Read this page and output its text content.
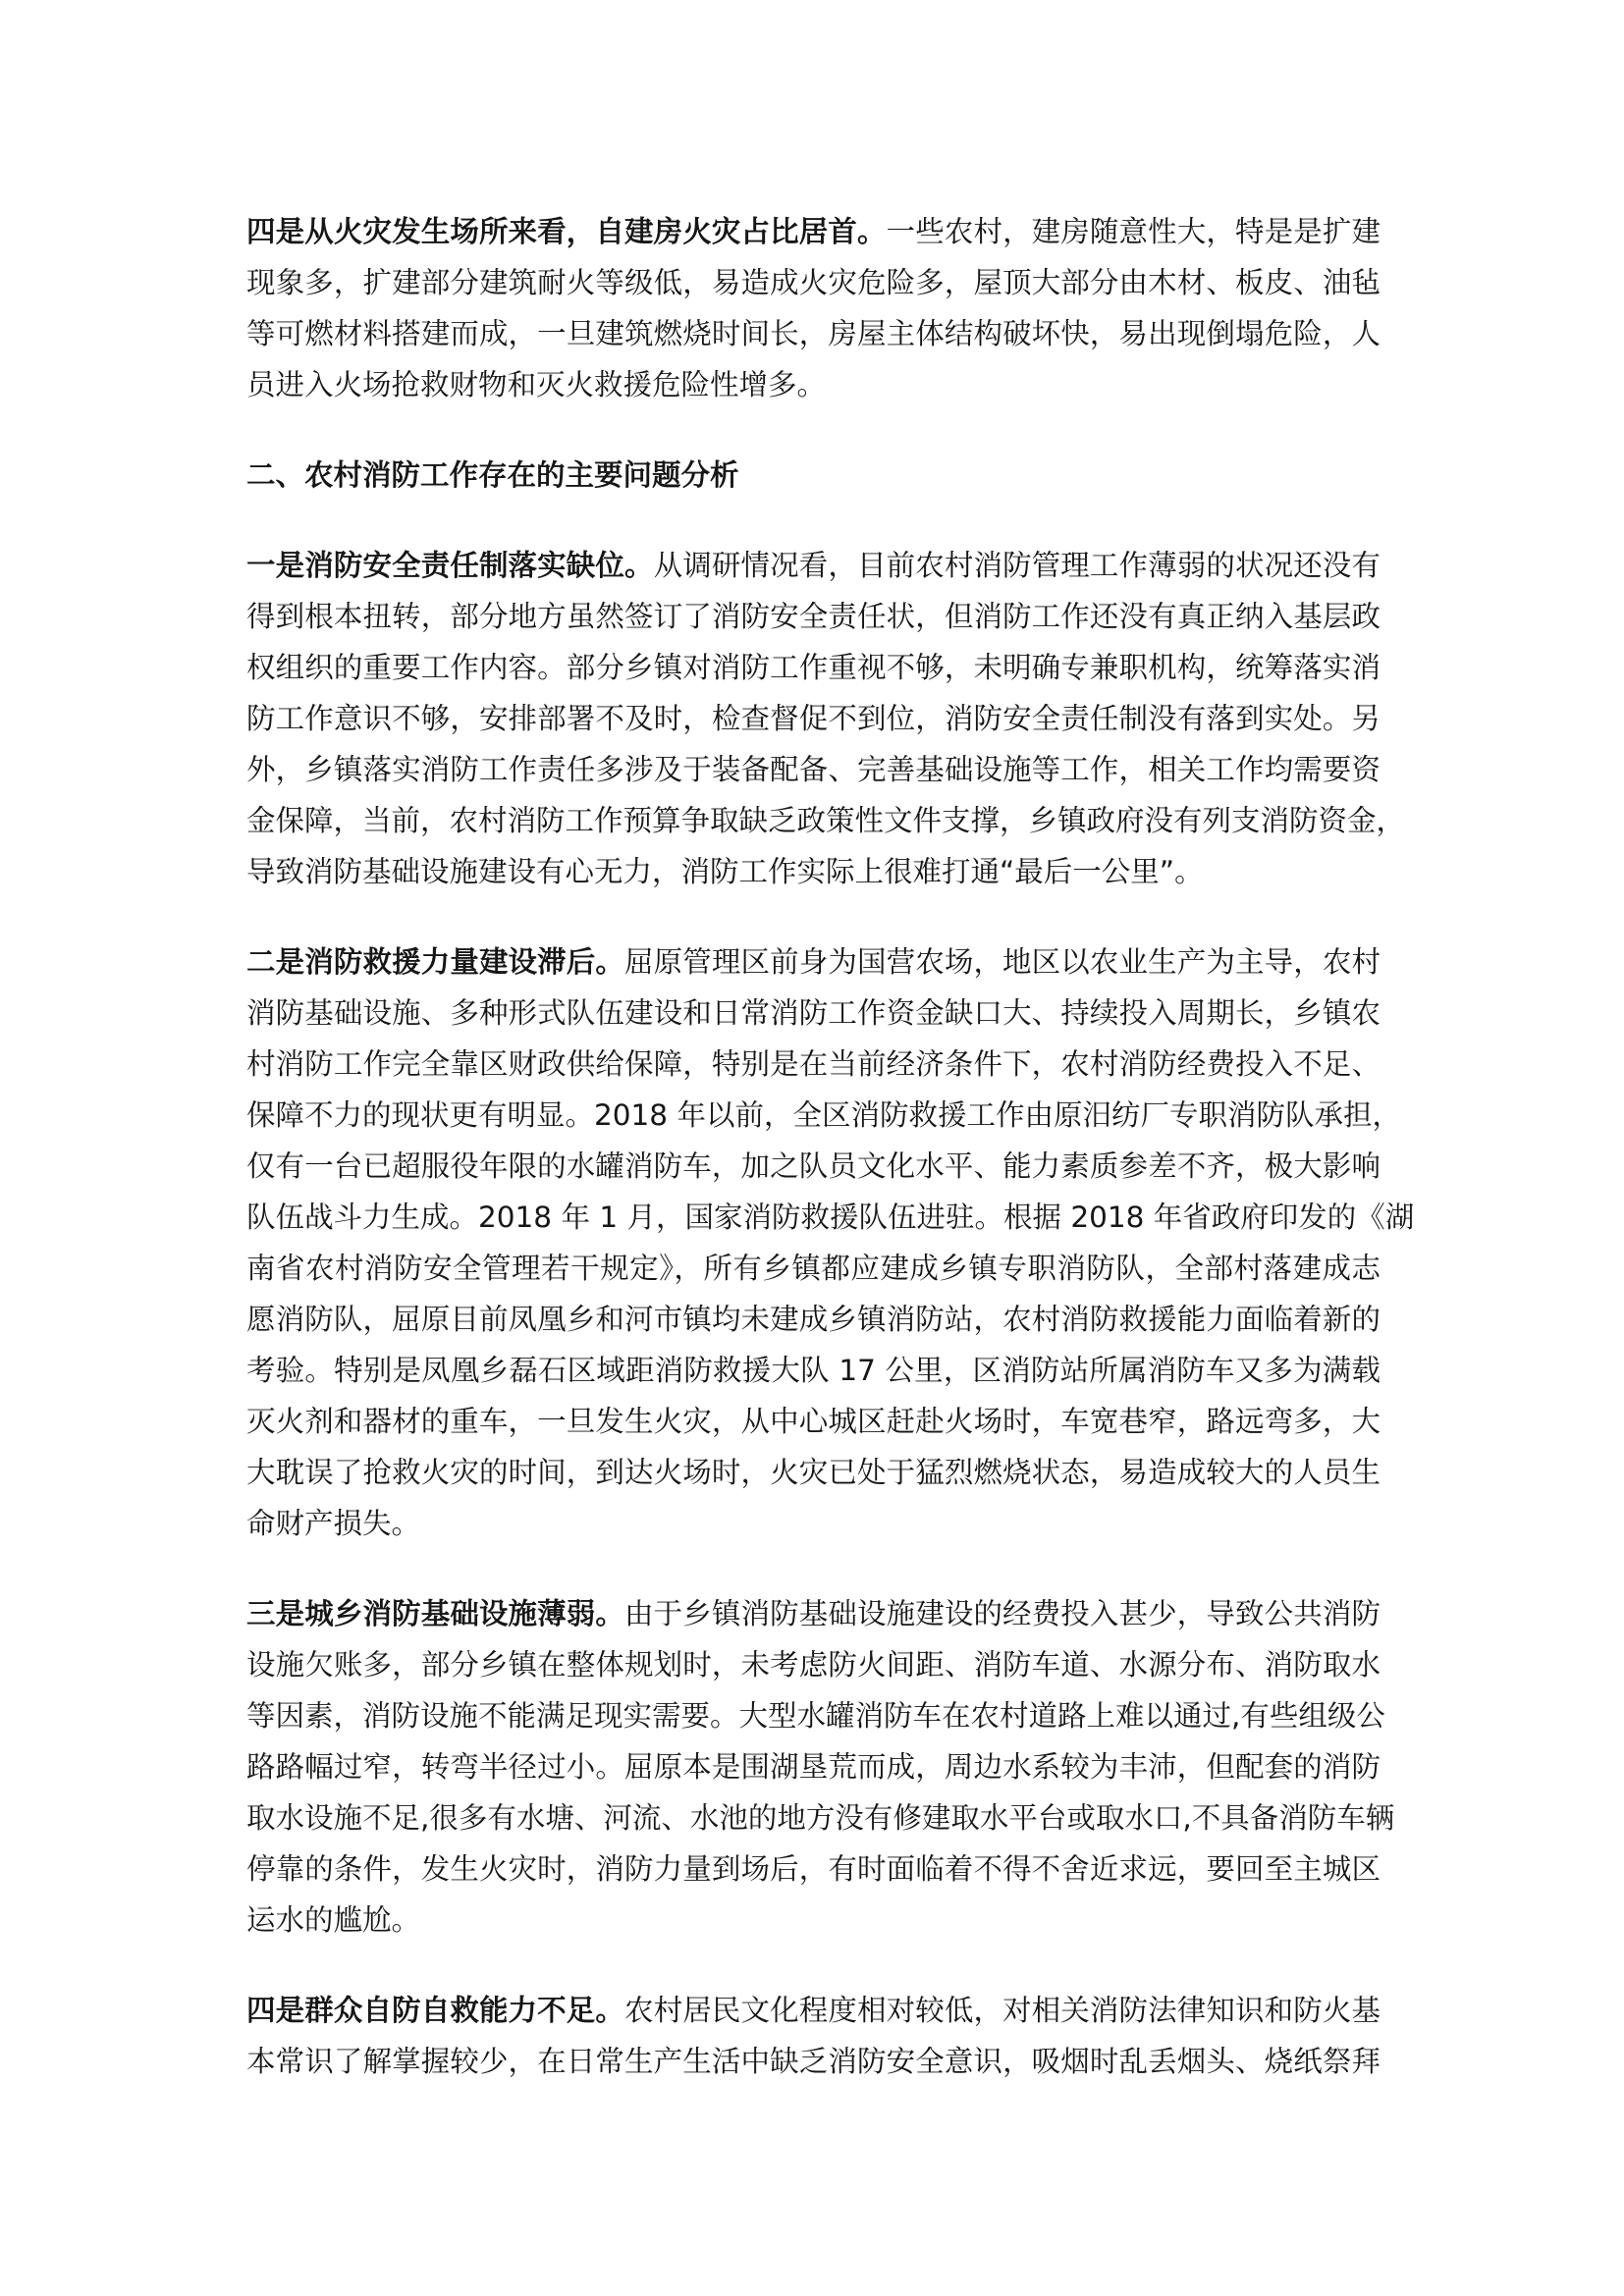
四是从火灾发生场所来看，自建房火灾占比居首。一些农村，建房随意性大，特是是扩建
现象多，扩建部分建筑耐火等级低，易造成火灾危险多，屋顶大部分由木材、板皮、油毡
等可燃材料搭建而成，一旦建筑燃烧时间长，房屋主体结构破坏快，易出现倒塌危险，人
员进入火场抢救财物和灭火救援危险性增多。
二、农村消防工作存在的主要问题分析
一是消防安全责任制落实缺位。从调研情况看，目前农村消防管理工作薄弱的状况还没有
得到根本扭转，部分地方虽然签订了消防安全责任状，但消防工作还没有真正纳入基层政
权组织的重要工作内容。部分乡镇对消防工作重视不够，未明确专兼职机构，统筹落实消
防工作意识不够，安排部署不及时，检查督促不到位，消防安全责任制没有落到实处。另
外，乡镇落实消防工作责任多涉及于装备配备、完善基础设施等工作，相关工作均需要资
金保障，当前，农村消防工作预算争取缺乏政策性文件支撑，乡镇政府没有列支消防资金，
导致消防基础设施建设有心无力，消防工作实际上很难打通“最后一公里”。
二是消防救援力量建设滞后。屈原管理区前身为国营农场，地区以农业生产为主导，农村
消防基础设施、多种形式队伍建设和日常消防工作资金缺口大、持续投入周期长，乡镇农
村消防工作完全靠区财政供给保障，特别是在当前经济条件下，农村消防经费投入不足、
保障不力的现状更有明显。2018 年以前，全区消防救援工作由原汨纺厂专职消防队承担，
仅有一台已超服役年限的水罐消防车，加之队员文化水平、能力素质参差不齐，极大影响
队伍战斗力生成。2018 年 1 月，国家消防救援队伍进驻。根据 2018 年省政府印发的《湖
南省农村消防安全管理若干规定》，所有乡镇都应建成乡镇专职消防队，全部村落建成志
愿消防队，屈原目前凤凰乡和河市镇均未建成乡镇消防站，农村消防救援能力面临着新的
考验。特别是凤凰乡磊石区域距消防救援大队 17 公里，区消防站所属消防车又多为满载
灭火剂和器材的重车，一旦发生火灾，从中心城区赶赴火场时，车宽巷窄，路远弯多，大
大耽误了抢救火灾的时间，到达火场时，火灾已处于猛烈燃烧状态，易造成较大的人员生
命财产损失。
三是城乡消防基础设施薄弱。由于乡镇消防基础设施建设的经费投入甚少，导致公共消防
设施欠账多，部分乡镇在整体规划时，未考虑防火间距、消防车道、水源分布、消防取水
等因素，消防设施不能满足现实需要。大型水罐消防车在农村道路上难以通过,有些组级公
路路幅过窄，转弯半径过小。屈原本是围湖垦荒而成，周边水系较为丰沛，但配套的消防
取水设施不足,很多有水塘、河流、水池的地方没有修建取水平台或取水口,不具备消防车辆
停靠的条件，发生火灾时，消防力量到场后，有时面临着不得不舍近求远，要回至主城区
运水的尴尬。
四是群众自防自救能力不足。农村居民文化程度相对较低，对相关消防法律知识和防火基
本常识了解掌握较少，在日常生产生活中缺乏消防安全意识，吸烟时乱丢烟头、烧纸祭拜
